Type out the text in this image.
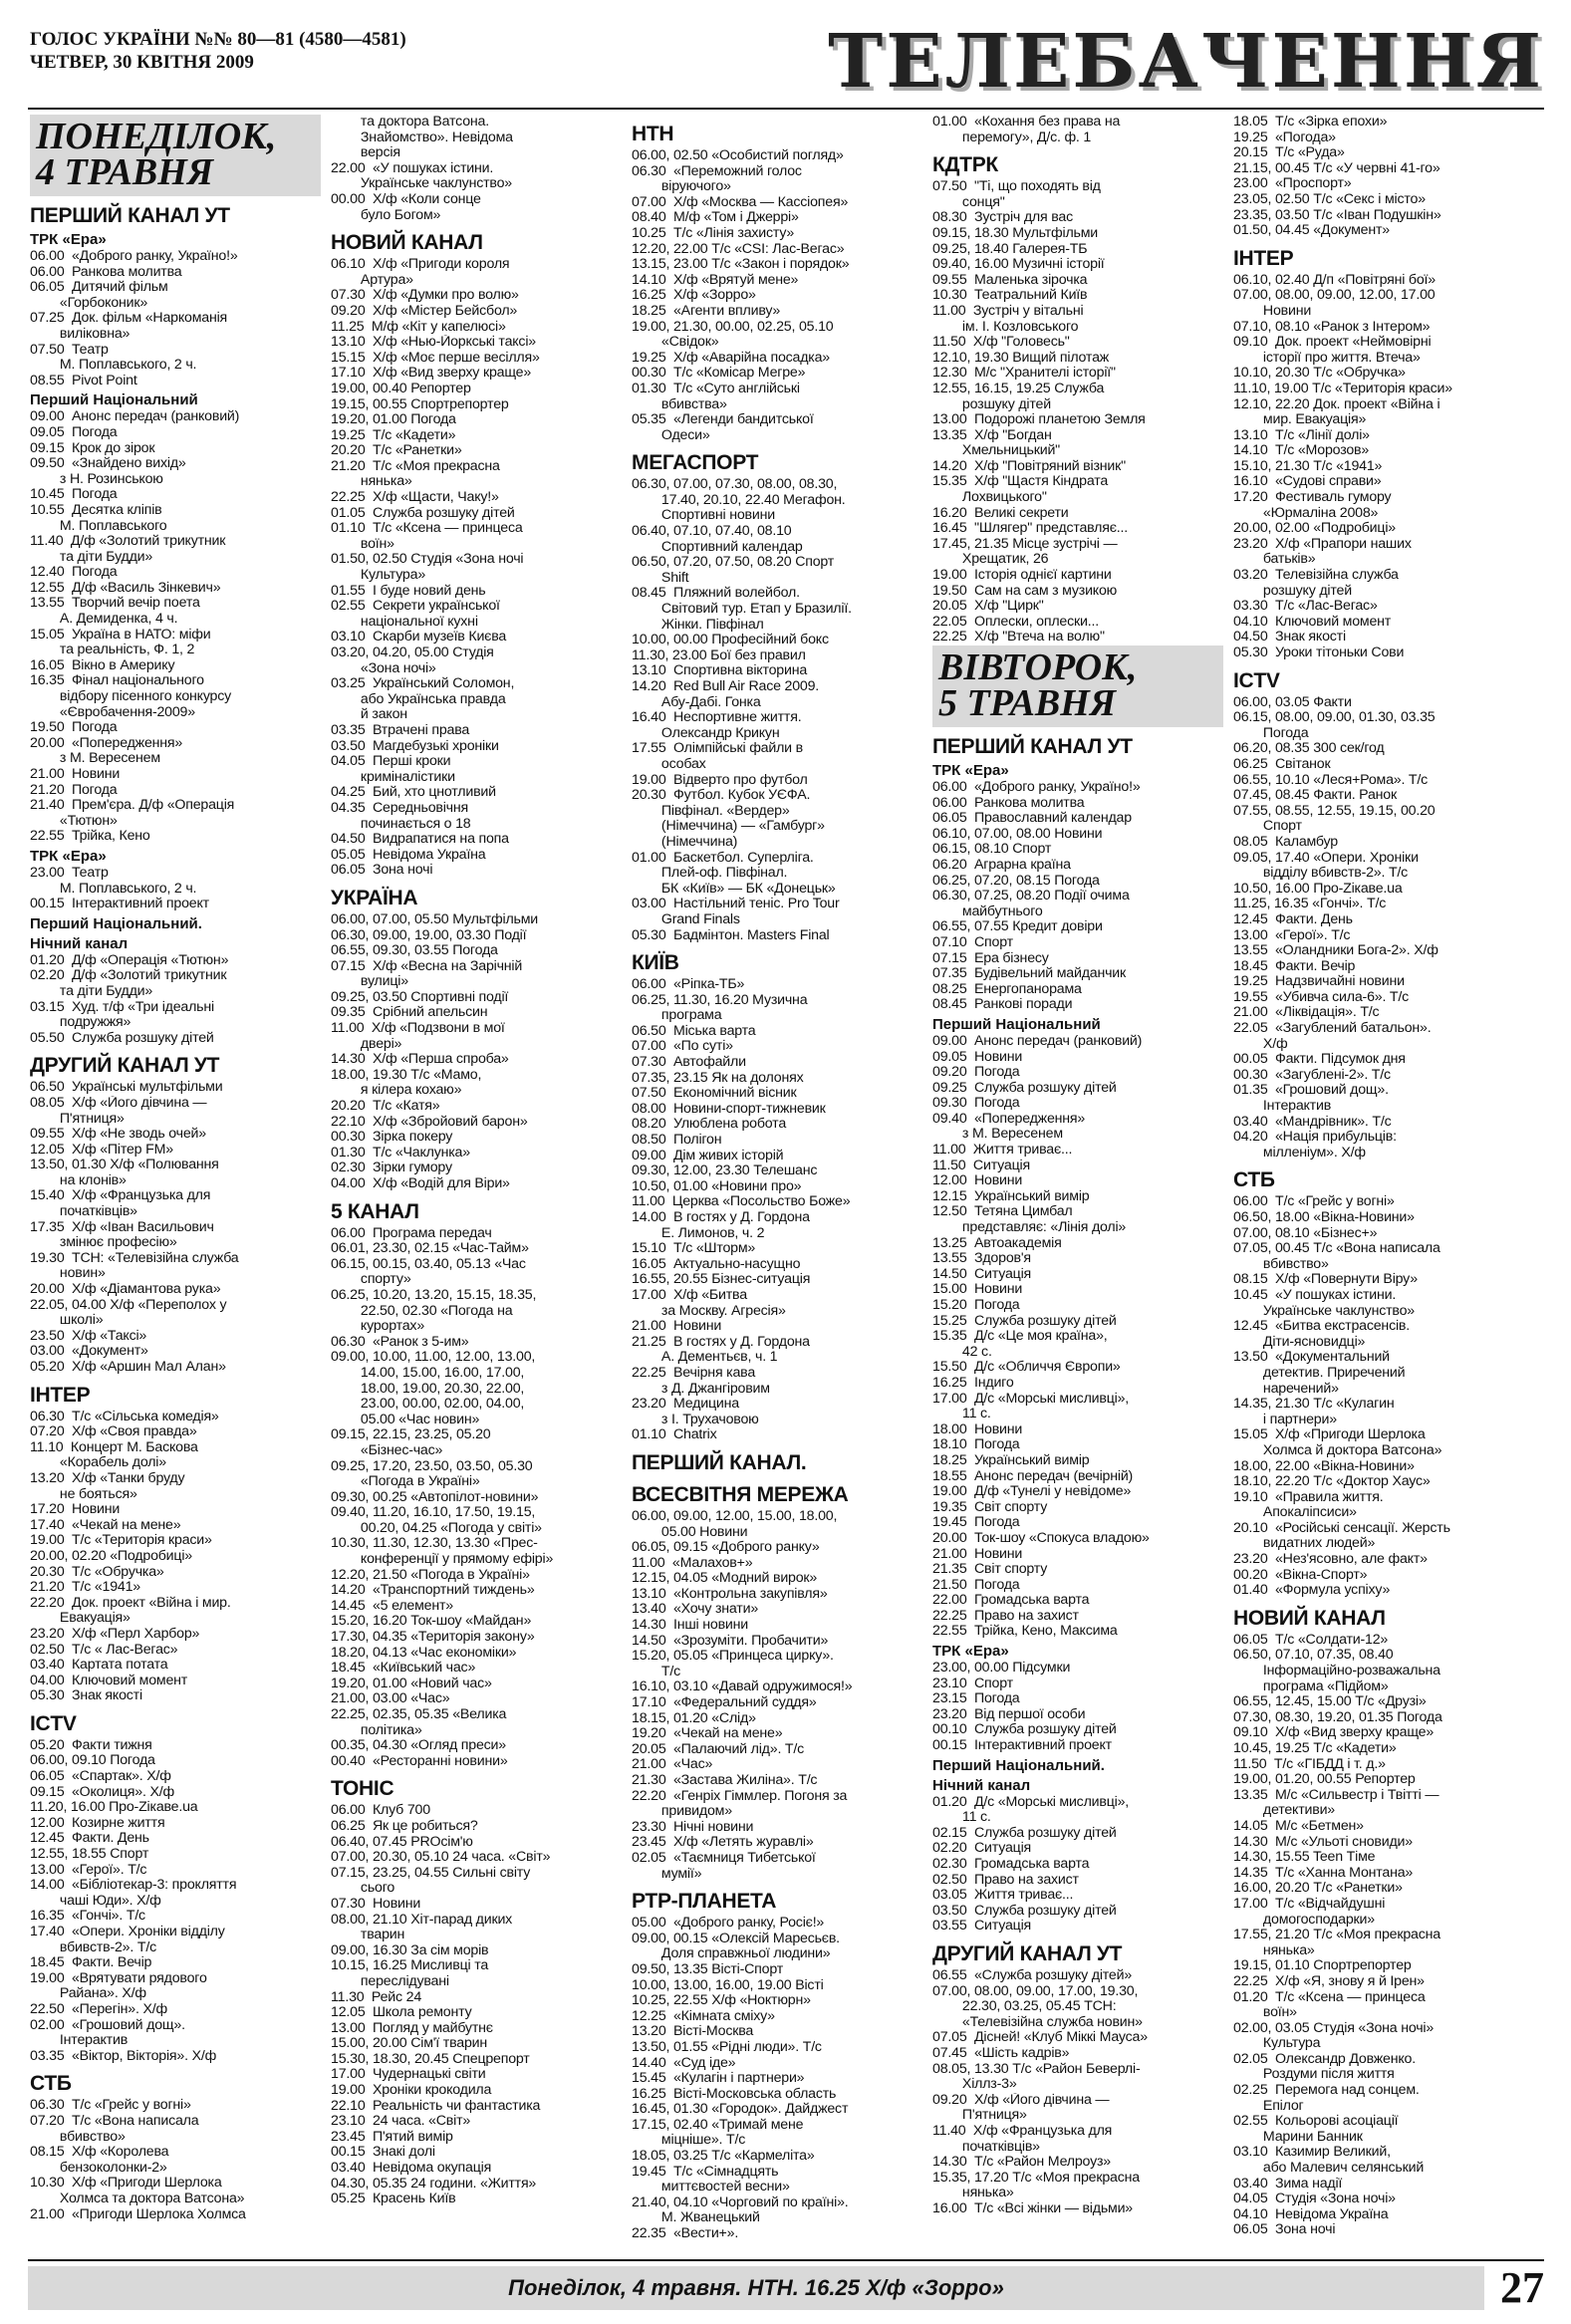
ГОЛОС УКРАЇНИ №№ 80—81 (4580—4581)
ЧЕТВЕР, 30 КВІТНЯ 2009	ТЕЛЕБАЧЕННЯ
ПОНЕДІЛОК,
4 ТРАВНЯ
ПЕРШИЙ КАНАЛ УТ
ТРК «Ера»
06.00  «Доброго ранку, Україно!»
06.00  Ранкова молитва
06.05  Дитячий фільм
«Горбоконик»
07.25  Док. фільм «Наркоманія
виліковна»
07.50  Театр
М. Поплавського, 2 ч.
08.55  Pivot Point
Перший Національний
09.00  Анонс передач (ранковий)
09.05  Погода
09.15  Крок до зірок
09.50  «Знайдено вихід»
з Н. Розинською
10.45  Погода
10.55  Десятка кліпів
М. Поплавського
11.40  Д/ф «Золотий трикутник
та діти Будди»
12.40  Погода
12.55  Д/ф «Василь Зінкевич»
13.55  Творчий вечір поета
А. Демиденка, 4 ч.
15.05  Україна в НАТО: міфи
та реальність, Ф. 1, 2
16.05  Вікно в Америку
16.35  Фінал національного
відбору пісенного конкурсу
«Євробачення-2009»
19.50  Погода
20.00  «Попередження»
з М. Вересенем
21.00  Новини
21.20  Погода
21.40  Прем'єра. Д/ф «Операція
«Тютюн»
22.55  Трійка, Кено
ТРК «Ера»
23.00  Театр
М. Поплавського, 2 ч.
00.15  Інтерактивний проект
Перший Національний.
Нічний канал
01.20  Д/ф «Операція «Тютюн»
02.20  Д/ф «Золотий трикутник
та діти Будди»
03.15  Худ. т/ф «Три ідеальні
подружжя»
05.50  Служба розшуку дітей
ДРУГИЙ КАНАЛ УТ
06.50  Українські мультфільми
08.05  Х/ф «Його дівчина —
П'ятниця»
09.55  Х/ф «Не зводь очей»
12.05  Х/ф «Пітер FM»
13.50, 01.30 Х/ф «Полювання
на клонів»
15.40  Х/ф «Французька для
початківців»
17.35  Х/ф «Іван Васильович
змінює професію»
19.30  ТСН: «Телевізійна служба
новин»
20.00  Х/ф «Діамантова рука»
22.05, 04.00 Х/ф «Переполох у
школі»
23.50  Х/ф «Таксі»
03.00  «Документ»
05.20  Х/ф «Аршин Мал Алан»
ІНТЕР
06.30  Т/с «Сільська комедія»
07.20  Х/ф «Своя правда»
11.10  Концерт М. Баскова
«Корабель долі»
13.20  Х/ф «Танки бруду
не бояться»
17.20  Новини
17.40  «Чекай на мене»
19.00  Т/с «Територія краси»
20.00, 02.20 «Подробиці»
20.30  Т/с «Обручка»
21.20  Т/с «1941»
22.20  Док. проект «Війна і мир.
Евакуація»
23.20  Х/ф «Перл Харбор»
02.50  Т/с « Лас-Вегас»
03.40  Картата потата
04.00  Ключовий момент
05.30  Знак якості
ICTV
05.20  Факти тижня
06.00, 09.10 Погода
06.05  «Спартак». Х/ф
09.15  «Околиця». Х/ф
11.20, 16.00 Про-Zікаве.ua
12.00  Козирне життя
12.45  Факти. День
12.55, 18.55 Спорт
13.00  «Герої». Т/с
14.00  «Бібліотекар-3: прокляття
чаші Юди». Х/ф
16.35  «Гончі». Т/с
17.40  «Опери. Хроніки відділу
вбивств-2». Т/с
18.45  Факти. Вечір
19.00  «Врятувати рядового
Райана». Х/ф
22.50  «Перегін». Х/ф
02.00  «Грошовий дощ».
Інтерактив
03.35  «Віктор, Вікторія». Х/ф
СТБ
06.30  Т/с «Грейс у вогні»
07.20  Т/с «Вона написала
вбивство»
08.15  Х/ф «Королева
бензоколонки-2»
10.30  Х/ф «Пригоди Шерлока
Холмса та доктора Ватсона»
21.00  «Пригоди Шерлока Холмса
та доктора Ватсона.
Знайомство». Невідома
версія
22.00  «У пошуках істини.
Українське чаклунство»
00.00  Х/ф «Коли сонце
було Богом»
НОВИЙ КАНАЛ
06.10  Х/ф «Пригоди короля
Артура»
07.30  Х/ф «Думки про волю»
09.20  Х/ф «Містер Бейсбол»
11.25  М/ф «Кіт у капелюсі»
13.10  Х/ф «Нью-Йоркські таксі»
15.15  Х/ф «Моє перше весілля»
17.10  Х/ф «Вид зверху краще»
19.00, 00.40 Репортер
19.15, 00.55 Спортрепортер
19.20, 01.00 Погода
19.25  Т/с «Кадети»
20.20  Т/с «Ранетки»
21.20  Т/с «Моя прекрасна
нянька»
22.25  Х/ф «Щасти, Чаку!»
01.05  Служба розшуку дітей
01.10  Т/с «Ксена — принцеса
воїн»
01.50, 02.50 Студія «Зона ночі
Культура»
01.55  І буде новий день
02.55  Секрети української
національної кухні
03.10  Скарби музеїв Києва
03.20, 04.20, 05.00 Студія
«Зона ночі»
03.25  Український Соломон,
або Українська правда
й закон
03.35  Втрачені права
03.50  Магдебузькі хроніки
04.05  Перші кроки
криміналістики
04.25  Бий, хто цнотливий
04.35  Середньовічня
починається о 18
04.50  Видрапатися на попа
05.05  Невідома Україна
06.05  Зона ночі
УКРАЇНА
06.00, 07.00, 05.50 Мультфільми
06.30, 09.00, 19.00, 03.30 Події
06.55, 09.30, 03.55 Погода
07.15  Х/ф «Весна на Зарічній
вулиці»
09.25, 03.50 Спортивні події
09.35  Срібний апельсин
11.00  Х/ф «Подзвони в мої
двері»
14.30  Х/ф «Перша спроба»
18.00, 19.30 Т/с «Мамо,
я кілера кохаю»
20.20  Т/с «Катя»
22.10  Х/ф «Збройовий барон»
00.30  Зірка покеру
01.30  Т/с «Чаклунка»
02.30  Зірки гумору
04.00  Х/ф «Водій для Віри»
5 КАНАЛ
06.00  Програма передач
06.01, 23.30, 02.15 «Час-Тайм»
06.15, 00.15, 03.40, 05.13 «Час
спорту»
06.25, 10.20, 13.20, 15.15, 18.35,
22.50, 02.30 «Погода на
курортах»
06.30  «Ранок з 5-им»
09.00, 10.00, 11.00, 12.00, 13.00,
14.00, 15.00, 16.00, 17.00,
18.00, 19.00, 20.30, 22.00,
23.00, 00.00, 02.00, 04.00,
05.00 «Час новин»
09.15, 22.15, 23.25, 05.20
«Бізнес-час»
09.25, 17.20, 23.50, 03.50, 05.30
«Погода в Україні»
09.30, 00.25 «Автопілот-новини»
09.40, 11.20, 16.10, 17.50, 19.15,
00.20, 04.25 «Погода у світі»
10.30, 11.30, 12.30, 13.30 «Прес-
конференції у прямому ефірі»
12.20, 21.50 «Погода в Україні»
14.20  «Транспортний тиждень»
14.45  «5 елемент»
15.20, 16.20 Ток-шоу «Майдан»
17.30, 04.35 «Територія закону»
18.20, 04.13 «Час економіки»
18.45  «Київський час»
19.20, 01.00 «Новий час»
21.00, 03.00 «Час»
22.25, 02.35, 05.35 «Велика
політика»
00.35, 04.30 «Огляд преси»
00.40  «Ресторанні новини»
ТОНІС
06.00  Клуб 700
06.25  Як це робиться?
06.40, 07.45 PROсім'ю
07.00, 20.30, 05.10 24 часа. «Світ»
07.15, 23.25, 04.55 Сильні світу
сього
07.30  Новини
08.00, 21.10 Хіт-парад диких
тварин
09.00, 16.30 За сім морів
10.15, 16.25 Мисливці та
переслідувані
11.30  Рейс 24
12.05  Школа ремонту
13.00  Погляд у майбутнє
15.00, 20.00 Сім'ї тварин
15.30, 18.30, 20.45 Спецрепорт
17.00  Чудернацькі світи
19.00  Хроніки крокодила
22.10  Реальність чи фантастика
23.10  24 часа. «Світ»
23.45  П'ятий вимір
00.15  Знакі долі
03.40  Невідома окупація
04.30, 05.35 24 години. «Життя»
05.25  Красень Київ
НТН
06.00, 02.50 «Особистий погляд»
06.30  «Переможний голос
віруючого»
07.00  Х/ф «Москва — Кассіопея»
08.40  М/ф «Том і Джеррі»
10.25  Т/с «Лінія захисту»
12.20, 22.00 Т/с «CSI: Лас-Вегас»
13.15, 23.00 Т/с «Закон і порядок»
14.10  Х/ф «Врятуй мене»
16.25  Х/ф «Зорро»
18.25  «Агенти впливу»
19.00, 21.30, 00.00, 02.25, 05.10
«Свідок»
19.25  Х/ф «Аварійна посадка»
00.30  Т/с «Комісар Мегре»
01.30  Т/с «Суто англійські
вбивства»
05.35  «Легенди бандитської
Одеси»
МЕГАСПОРТ
06.30, 07.00, 07.30, 08.00, 08.30,
17.40, 20.10, 22.40 Мегафон.
Спортивні новини
06.40, 07.10, 07.40, 08.10
Спортивний календар
06.50, 07.20, 07.50, 08.20 Спорт
Shift
08.45  Пляжний волейбол.
Світовий тур. Етап у Бразилії.
Жінки. Півфінал
10.00, 00.00 Професійний бокс
11.30, 23.00 Бої без правил
13.10  Спортивна вікторина
14.20  Red Bull Air Race 2009.
Абу-Дабі. Гонка
16.40  Неспортивне життя.
Олександр Крикун
17.55  Олімпійські файли в
особах
19.00  Відверто про футбол
20.30  Футбол. Кубок УЄФА.
Півфінал. «Вердер»
(Німеччина) — «Гамбург»
(Німеччина)
01.00  Баскетбол. Суперліга.
Плей-оф. Півфінал.
БК «Київ» — БК «Донецьк»
03.00  Настільний теніс. Pro Tour
Grand Finals
05.30  Бадмінтон. Masters Final
КИЇВ
06.00  «Ріпка-ТБ»
06.25, 11.30, 16.20 Музична
програма
06.50  Міська варта
07.00  «По суті»
07.30  Автофайли
07.35, 23.15 Як на долонях
07.50  Економічний вісник
08.00  Новини-спорт-тижневик
08.20  Улюблена робота
08.50  Полігон
09.00  Дім живих історій
09.30, 12.00, 23.30 Телешанс
10.50, 01.00 «Новини про»
11.00  Церква «Посольство Боже»
14.00  В гостях у Д. Гордона
Е. Лимонов, ч. 2
15.10  Т/с «Шторм»
16.05  Актуально-насущно
16.55, 20.55 Бізнес-ситуація
17.00  Х/ф «Битва
за Москву. Агресія»
21.00  Новини
21.25  В гостях у Д. Гордона
А. Дементьєв, ч. 1
22.25  Вечірня кава
з Д. Джангіровим
23.20  Медицина
з І. Трухачовою
01.10  Chatrix
ПЕРШИЙ КАНАЛ.
ВСЕСВІТНЯ МЕРЕЖА
06.00, 09.00, 12.00, 15.00, 18.00,
05.00 Новини
06.05, 09.15 «Доброго ранку»
11.00  «Малахов+»
12.15, 04.05 «Модний вирок»
13.10  «Контрольна закупівля»
13.40  «Хочу знати»
14.30  Інші новини
14.50  «Зрозуміти. Пробачити»
15.20, 05.05 «Принцеса цирку».
Т/с
16.10, 03.10 «Давай одружимося!»
17.10  «Федеральний суддя»
18.15, 01.20 «Слід»
19.20  «Чекай на мене»
20.05  «Палаючий лід». Т/с
21.00  «Час»
21.30  «Застава Жиліна». Т/с
22.20  «Генріх Гіммлер. Погоня за
привидом»
23.30  Нічні новини
23.45  Х/ф «Летять журавлі»
02.05  «Таємниця Тибетської
мумії»
РТР-ПЛАНЕТА
05.00  «Доброго ранку, Росіє!»
09.00, 00.15 «Олексій Маресьєв.
Доля справжньої людини»
09.50, 13.35 Вісті-Спорт
10.00, 13.00, 16.00, 19.00 Вісті
10.25, 22.55 Х/ф «Ноктюрн»
12.25  «Кімната сміху»
13.20  Вісті-Москва
13.50, 01.55 «Рідні люди». Т/с
14.40  «Суд іде»
15.45  «Кулагін і партнери»
16.25  Вісті-Московська область
16.45, 01.30 «Городок». Дайджест
17.15, 02.40 «Тримай мене
міцніше». Т/с
18.05, 03.25 Т/с «Кармеліта»
19.45  Т/с «Сімнадцять
миттєвостей весни»
21.40, 04.10 «Чорговий по країні».
М. Жванецький
22.35  «Вести+».
01.00  «Кохання без права на
перемогу», Д/с. ф. 1
КДТРК
07.50  "Ті, що походять від
сонця"
08.30  Зустріч для вас
09.15, 18.30 Мультфільми
09.25, 18.40 Галерея-ТБ
09.40, 16.00 Музичні історії
09.55  Маленька зірочка
10.30  Театральний Київ
11.00  Зустріч у вітальні
ім. І. Козловського
11.50  Х/ф "Головесь"
12.10, 19.30 Вищий пілотаж
12.30  М/с "Хранителі історії"
12.55, 16.15, 19.25 Служба
розшуку дітей
13.00  Подорожі планетою Земля
13.35  Х/ф "Богдан
Хмельницький"
14.20  Х/ф "Повітряний візник"
15.35  Х/ф "Щастя Кіндрата
Лохвицького"
16.20  Великі секрети
16.45  "Шлягер" представляє...
17.45, 21.35 Місце зустрічі —
Хрещатик, 26
19.00  Історія однієї картини
19.50  Сам на сам з музикою
20.05  Х/ф "Цирк"
22.05  Оплески, оплески...
22.25  Х/ф "Втеча на волю"
ВІВТОРОК,
5 ТРАВНЯ
ПЕРШИЙ КАНАЛ УТ
ТРК «Ера»
06.00  «Доброго ранку, Україно!»
06.00  Ранкова молитва
06.05  Православний календар
06.10, 07.00, 08.00 Новини
06.15, 08.10 Спорт
06.20  Аграрна країна
06.25, 07.20, 08.15 Погода
06.30, 07.25, 08.20 Події очима
майбутнього
06.55, 07.55 Кредит довіри
07.10  Спорт
07.15  Ера бізнесу
07.35  Будівельний майданчик
08.25  Енергопанорама
08.45  Ранкові поради
Перший Національний
09.00  Анонс передач (ранковий)
09.05  Новини
09.20  Погода
09.25  Служба розшуку дітей
09.30  Погода
09.40  «Попередження»
з М. Вересенем
11.00  Життя триває...
11.50  Ситуація
12.00  Новини
12.15  Український вимір
12.50  Тетяна Цимбал
представляє: «Лінія долі»
13.25  Автоакадемія
13.55  Здоров'я
14.50  Ситуація
15.00  Новини
15.20  Погода
15.25  Служба розшуку дітей
15.35  Д/с «Це моя країна»,
42 с.
15.50  Д/с «Обличчя Європи»
16.25  Індиго
17.00  Д/с «Морські мисливці»,
11 с.
18.00  Новини
18.10  Погода
18.25  Український вимір
18.55  Анонс передач (вечірній)
19.00  Д/ф «Тунелі у невідоме»
19.35  Світ спорту
19.45  Погода
20.00  Ток-шоу «Спокуса владою»
21.00  Новини
21.35  Світ спорту
21.50  Погода
22.00  Громадська варта
22.25  Право на захист
22.55  Трійка, Кено, Максима
ТРК «Ера»
23.00, 00.00 Підсумки
23.10  Спорт
23.15  Погода
23.20  Від першої особи
00.10  Служба розшуку дітей
00.15  Інтерактивний проект
Перший Національний.
Нічний канал
01.20  Д/с «Морські мисливці»,
11 с.
02.15  Служба розшуку дітей
02.20  Ситуація
02.30  Громадська варта
02.50  Право на захист
03.05  Життя триває...
03.50  Служба розшуку дітей
03.55  Ситуація
ДРУГИЙ КАНАЛ УТ
06.55  «Служба розшуку дітей»
07.00, 08.00, 09.00, 17.00, 19.30,
22.30, 03.25, 05.45 ТСН:
«Телевізійна служба новин»
07.05  Дісней! «Клуб Міккі Мауса»
07.45  «Шість кадрів»
08.05, 13.30 Т/с «Район Беверлі-
Хіллз-3»
09.20  Х/ф «Його дівчина —
П'ятниця»
11.40  Х/ф «Французька для
початківців»
14.30  Т/с «Район Мелроуз»
15.35, 17.20 Т/с «Моя прекрасна
нянька»
16.00  Т/с «Всі жінки — відьми»
18.05  Т/с «Зірка епохи»
19.25  «Погода»
20.15  Т/с «Руда»
21.15, 00.45 Т/с «У червні 41-го»
23.00  «Проспорт»
23.05, 02.50 Т/с «Секс і місто»
23.35, 03.50 Т/с «Іван Подушкін»
01.50, 04.45 «Документ»
ІНТЕР
06.10, 02.40 Д/п «Повітряні бої»
07.00, 08.00, 09.00, 12.00, 17.00
Новини
07.10, 08.10 «Ранок з Інтером»
09.10  Док. проект «Неймовірні
історії про життя. Втеча»
10.10, 20.30 Т/с «Обручка»
11.10, 19.00 Т/с «Територія краси»
12.10, 22.20 Док. проект «Війна і
мир. Евакуація»
13.10  Т/с «Лінії долі»
14.10  Т/с «Морозов»
15.10, 21.30 Т/с «1941»
16.10  «Судові справи»
17.20  Фестиваль гумору
«Юрмаліна 2008»
20.00, 02.00 «Подробиці»
23.20  Х/ф «Прапори наших
батьків»
03.20  Телевізійна служба
розшуку дітей
03.30  Т/с «Лас-Вегас»
04.10  Ключовий момент
04.50  Знак якості
05.30  Уроки тітоньки Сови
ICTV
06.00, 03.05 Факти
06.15, 08.00, 09.00, 01.30, 03.35
Погода
06.20, 08.35 300 сек/год
06.25  Світанок
06.55, 10.10 «Леся+Рома». Т/с
07.45, 08.45 Факти. Ранок
07.55, 08.55, 12.55, 19.15, 00.20
Спорт
08.05  Каламбур
09.05, 17.40 «Опери. Хроніки
відділу вбивств-2». Т/с
10.50, 16.00 Про-Zікаве.ua
11.25, 16.35 «Гончі». Т/с
12.45  Факти. День
13.00  «Герої». Т/с
13.55  «Оландники Бога-2». Х/ф
18.45  Факти. Вечір
19.25  Надзвичайні новини
19.55  «Убивча сила-6». Т/с
21.00  «Ліквідація». Т/с
22.05  «Загублений батальон».
Х/ф
00.05  Факти. Підсумок дня
00.30  «Загублені-2». Т/с
01.35  «Грошовий дощ».
Інтерактив
03.40  «Мандрівник». Т/с
04.20  «Нація прибульців:
мілленіум». Х/ф
СТБ
06.00  Т/с «Грейс у вогні»
06.50, 18.00 «Вікна-Новини»
07.00, 08.10 «Бізнес+»
07.05, 00.45 Т/с «Вона написала
вбивство»
08.15  Х/ф «Повернути Віру»
10.45  «У пошуках істини.
Українське чаклунство»
12.45  «Битва екстрасенсів.
Діти-ясновидці»
13.50  «Документальний
детектив. Приречений
наречений»
14.35, 21.30 Т/с «Кулагин
і партнери»
15.05  Х/ф «Пригоди Шерлока
Холмса й доктора Ватсона»
18.00, 22.00 «Вікна-Новини»
18.10, 22.20 Т/с «Доктор Хаус»
19.10  «Правила життя.
Апокаліпсиси»
20.10  «Російські сенсації. Жерсть
видатних людей»
23.20  «Нез'ясовно, але факт»
00.20  «Вікна-Спорт»
01.40  «Формула успіху»
НОВИЙ КАНАЛ
06.05  Т/с «Солдати-12»
06.50, 07.10, 07.35, 08.40
Інформаційно-розважальна
програма «Підйом»
06.55, 12.45, 15.00 Т/с «Друзі»
07.30, 08.30, 19.20, 01.35 Погода
09.10  Х/ф «Вид зверху краще»
10.45, 19.25 Т/с «Кадети»
11.50  Т/с «ГІБДД і т. д.»
19.00, 01.20, 00.55 Репортер
13.35  М/с «Сильвестр і Твітті —
детективи»
14.05  М/с «Бетмен»
14.30  М/с «Ульоті сновиди»
14.30, 15.55 Teen Тіме
14.35  Т/с «Ханна Монтана»
16.00, 20.20 Т/с «Ранетки»
17.00  Т/с «Відчайдушні
домогосподарки»
17.55, 21.20 Т/с «Моя прекрасна
нянька»
19.15, 01.10 Спортрепортер
22.25  Х/ф «Я, знову я й Ірен»
01.20  Т/с «Ксена — принцеса
воїн»
02.00, 03.05 Студія «Зона ночі»
Культура
02.05  Олександр Довженко.
Роздуми після життя
02.25  Перемога над сонцем.
Епілог
02.55  Кольорові асоціації
Марини Банник
03.10  Казимир Великий,
або Малевич селянський
03.40  Зима надії
04.05  Студія «Зона ночі»
04.10  Невідома Україна
06.05  Зона ночі
Понеділок, 4 травня. НТН. 16.25 Х/ф «Зорро»	27
